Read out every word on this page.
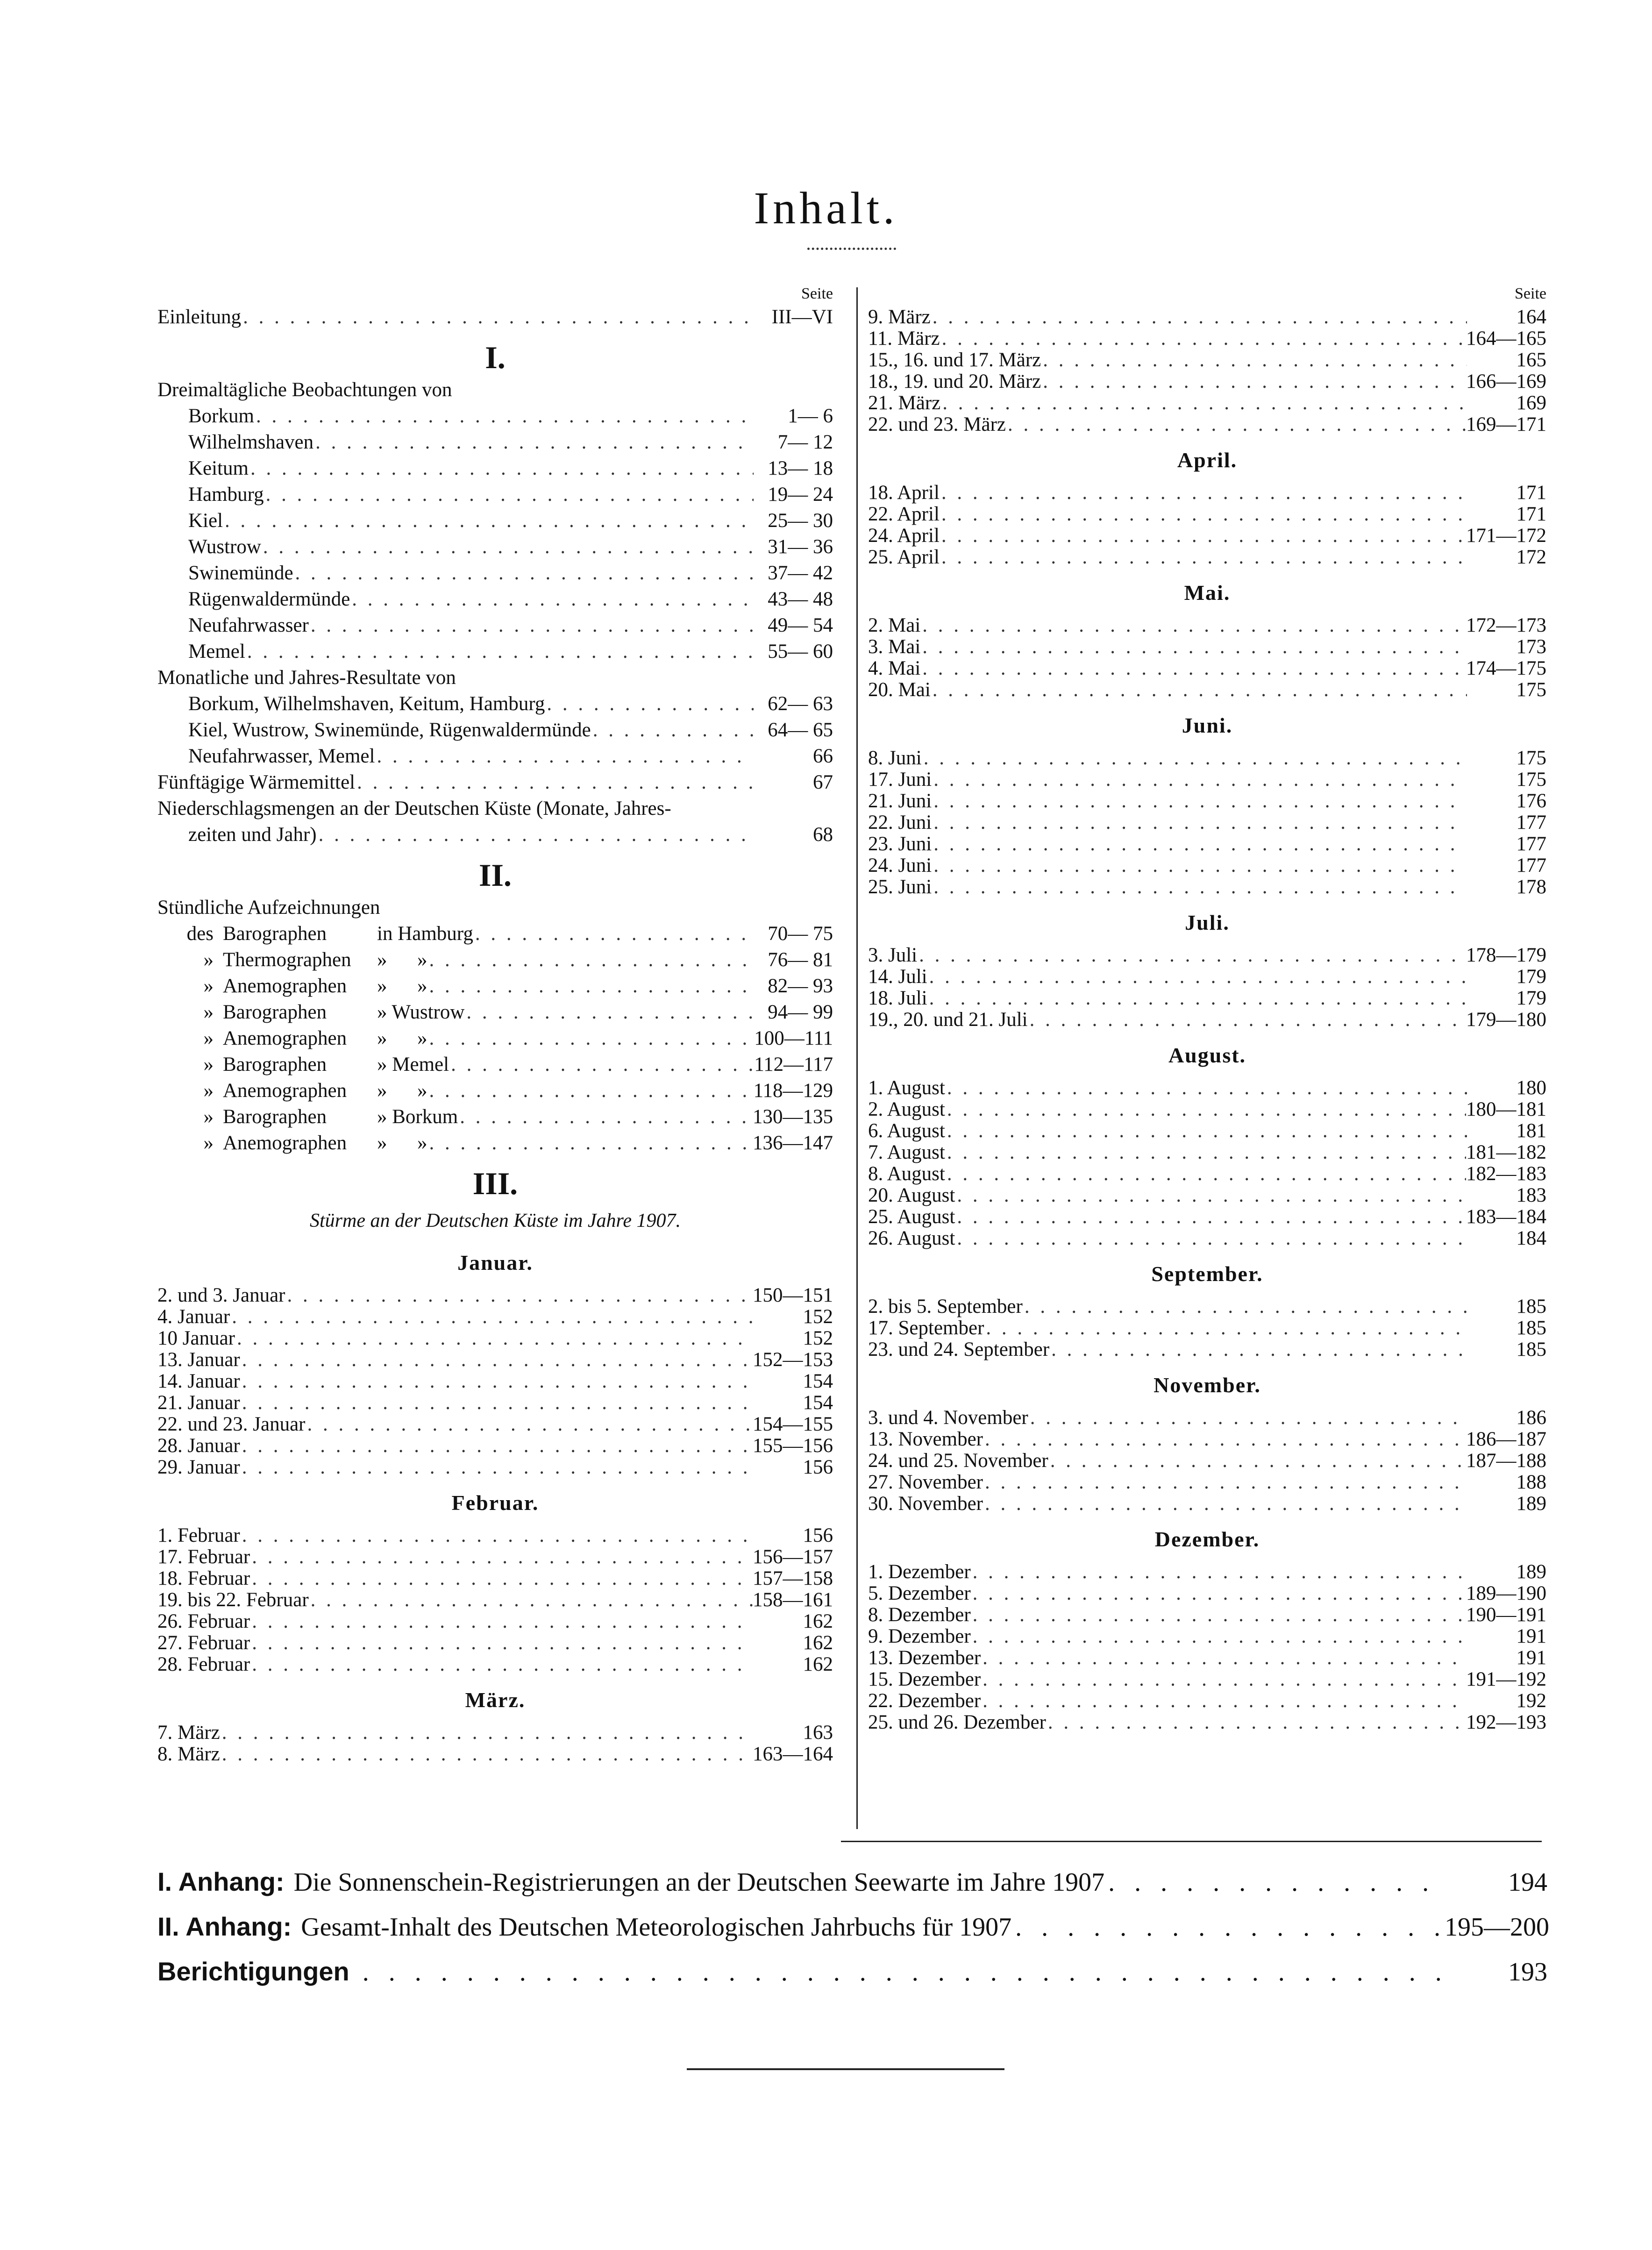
Inhalt.
Seite
Einleitung . . .	III—VI
I.
Dreimaltägliche Beobachtungen von
Borkum . . .	1— 6
Wilhelmshaven . . .	7— 12
Keitum . . .	13— 18
Hamburg . . .	19— 24
Kiel . . .	25— 30
Wustrow . . .	31— 36
Swinemünde . . .	37— 42
Rügenwaldermünde . . .	43— 48
Neufahrwasser . . .	49— 54
Memel . . .	55— 60
Monatliche und Jahres-Resultate von
Borkum, Wilhelmshaven, Keitum, Hamburg . . .	62— 63
Kiel, Wustrow, Swinemünde, Rügenwaldermünde . . .	64— 65
Neufahrwasser, Memel . . .	66
Fünftägige Wärmemittel . . .	67
Niederschlagsmengen an der Deutschen Küste (Monate, Jahres-
zeiten und Jahr) . . .	68
II.
Stündliche Aufzeichnungen
des Barographen	in Hamburg . . .	70— 75
» Thermographen	»      » . . .	76— 81
» Anemographen	»      » . . .	82— 93
» Barographen	» Wustrow . . .	94— 99
» Anemographen	»      » . . .	100—111
» Barographen	» Memel . . .	112—117
» Anemographen	»      » . . .	118—129
» Barographen	» Borkum . . .	130—135
» Anemographen	»      » . . .	136—147
III.
Stürme an der Deutschen Küste im Jahre 1907.
Januar.
2. und 3. Januar . . .	150—151
4. Januar . . .	152
10 Januar . . .	152
13. Januar . . .	152—153
14. Januar . . .	154
21. Januar . . .	154
22. und 23. Januar . . .	154—155
28. Januar . . .	155—156
29. Januar . . .	156
Februar.
1. Februar . . .	156
17. Februar . . .	156—157
18. Februar . . .	157—158
19. bis 22. Februar . . .	158—161
26. Februar . . .	162
27. Februar . . .	162
28. Februar . . .	162
März.
7. März . . .	163
8. März . . .	163—164
Seite
9. März . . .	164
11. März . . .	164—165
15., 16. und 17. März . . .	165
18., 19. und 20. März . . .	166—169
21. März . . .	169
22. und 23. März . . .	169—171
April.
18. April . . .	171
22. April . . .	171
24. April . . .	171—172
25. April . . .	172
Mai.
2. Mai . . .	172—173
3. Mai . . .	173
4. Mai . . .	174—175
20. Mai . . .	175
Juni.
8. Juni . . .	175
17. Juni . . .	175
21. Juni . . .	176
22. Juni . . .	177
23. Juni . . .	177
24. Juni . . .	177
25. Juni . . .	178
Juli.
3. Juli . . .	178—179
14. Juli . . .	179
18. Juli . . .	179
19., 20. und 21. Juli . . .	179—180
August.
1. August . . .	180
2. August . . .	180—181
6. August . . .	181
7. August . . .	181—182
8. August . . .	182—183
20. August . . .	183
25. August . . .	183—184
26. August . . .	184
September.
2. bis 5. September . . .	185
17. September . . .	185
23. und 24. September . . .	185
November.
3. und 4. November . . .	186
13. November . . .	186—187
24. und 25. November . . .	187—188
27. November . . .	188
30. November . . .	189
Dezember.
1. Dezember . . .	189
5. Dezember . . .	189—190
8. Dezember . . .	190—191
9. Dezember . . .	191
13. Dezember . . .	191
15. Dezember . . .	191—192
22. Dezember . . .	192
25. und 26. Dezember . . .	192—193
I. Anhang: Die Sonnenschein-Registrierungen an der Deutschen Seewarte im Jahre 1907 . . .	194
II. Anhang: Gesamt-Inhalt des Deutschen Meteorologischen Jahrbuchs für 1907 . . .	195—200
Berichtigungen . . .	193
